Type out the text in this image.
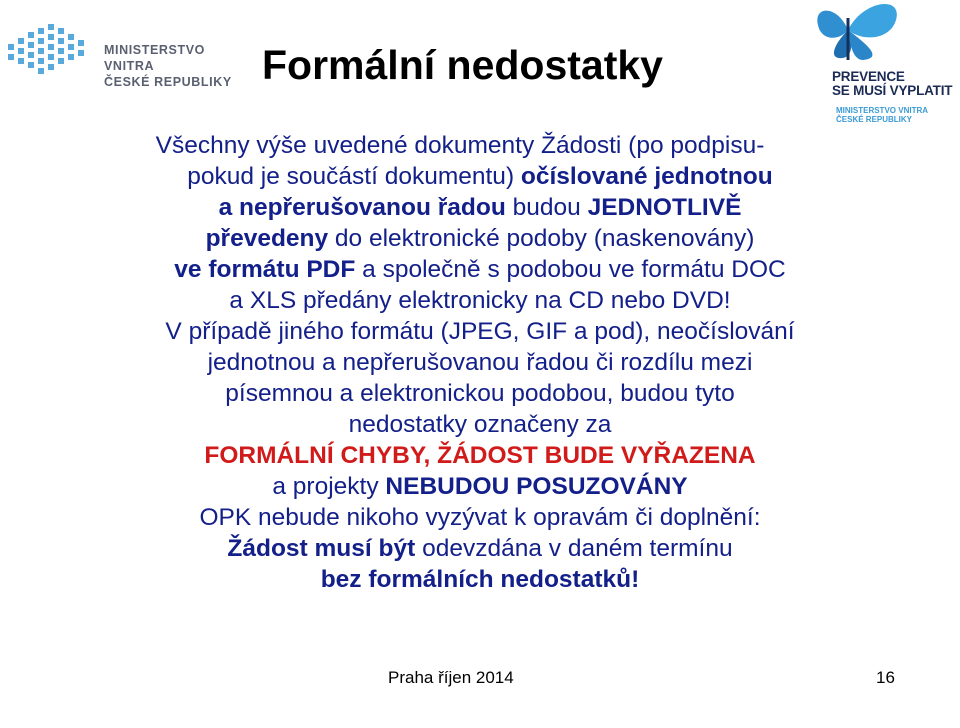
MINISTERSTVO VNITRA
ČESKÉ REPUBLIKY Formální nedostatky	PREVENCE
SE MUSÍ VYPLATIT
MINISTERSTVO VNITRA
ČESKÉ REPUBLIKY
Všechny výše uvedené dokumenty Žádosti (po podpisu-
pokud je součástí dokumentu) očíslované jednotnou
a nepřerušovanou řadou budou JEDNOTLIVĚ
převedeny do elektronické podoby (naskenovány)
ve formátu PDF a společně s podobou ve formátu DOC
a XLS předány elektronicky na CD nebo DVD!
V případě jiného formátu (JPEG, GIF a pod), neočíslování
jednotnou a nepřerušovanou řadou či rozdílu mezi
písemnou a elektronickou podobou, budou tyto
nedostatky označeny za
FORMÁLNÍ CHYBY, ŽÁDOST BUDE VYŘAZENA
a projekty NEBUDOU POSUZOVÁNY
OPK nebude nikoho vyzývat k opravám či doplnění:
Žádost musí být odevzdána v daném termínu
bez formálních nedostatků!
Praha říjen 2014	16
